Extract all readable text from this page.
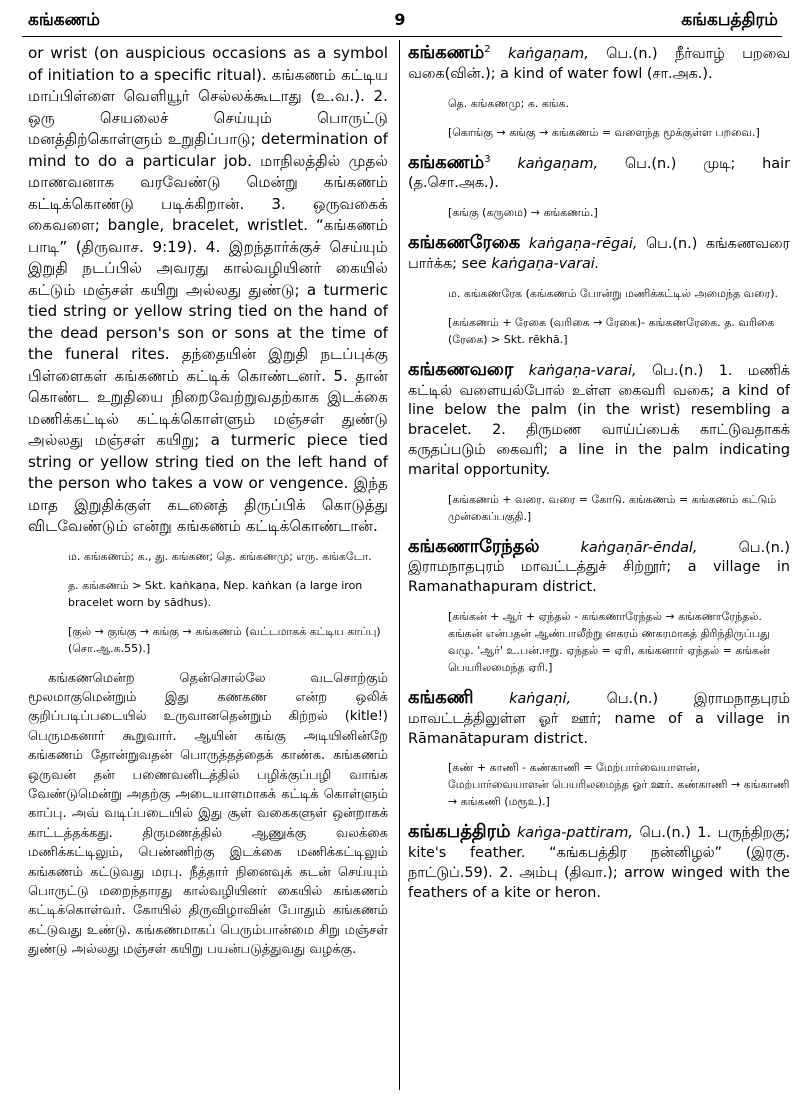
கங்கணம்	9	கங்கபத்திரம்

or wrist (on auspicious occasions as a symbol of initiation to a specific ritual). கங்கணம் கட்டிய மாப்பிள்ளை வெளியூர் செல்லக்கூடாது (உ.வ.). 2. ஒரு செயலைச் செய்யும் பொருட்டு மனத்திற்கொள்ளும் உறுதிப்பாடு; determination of mind to do a particular job. மாநிலத்தில் முதல் மாணவனாக வரவேண்டு மென்று கங்கணம் கட்டிக்கொண்டு படிக்கிறான். 3. ஒருவகைக் கைவளை; bangle, bracelet, wristlet. “கங்கணம் பாடி” (திருவாச. 9:19). 4. இறந்தார்க்குச் செய்யும் இறுதி நடப்பில் அவரது கால்வழியினர் கையில் கட்டும் மஞ்சள் கயிறு அல்லது துண்டு; a turmeric tied string or yellow string tied on the hand of the dead person's son or sons at the time of the funeral rites. தந்தையின் இறுதி நடப்புக்கு பிள்ளைகள் கங்கணம் கட்டிக் கொண்டனர். 5. தான் கொண்ட உறுதியை நிறைவேற்றுவதற்காக இடக்கை மணிக்கட்டில் கட்டிக்கொள்ளும் மஞ்சள் துண்டு அல்லது மஞ்சள் கயிறு; a turmeric piece tied string or yellow string tied on the left hand of the person who takes a vow or vengence. இந்த மாத இறுதிக்குள் கடனைத் திருப்பிக் கொடுத்து விடவேண்டும் என்று கங்கணம் கட்டிக்கொண்டான்.

ம. கங்கணம்; க., து. கங்கண; தெ. கங்கணமு; எரு. கங்கடோ.

த. கங்கணம் > Skt. kaṅkaṇa, Nep. kaṅkan (a large iron bracelet worn by sādhus).

[குல் → குங்கு → கங்கு → கங்கணம் (வட்டமாகக் கட்டிய காப்பு) (சொ.ஆ.க.55).]

கங்கணமென்ற தென்சொல்லே வடசொற்கும் மூலமாகுமென்றும் இது கணகண என்ற ஒலிக் குறிப்படிப்படையில் உருவானதென்றும் கிற்றல் (kitle!) பெருமகனார் கூறுவார். ஆயின் கங்கு அடியினின்றே கங்கணம் தோன்றுவதன் பொருத்தத்தைக் காண்க. கங்கணம் ஒருவன் தன் பணைவனிடத்தில் பழிக்குப்பழி வாங்க வேண்டுமென்று அதற்கு அடையாளமாகக் கட்டிக் கொள்ளும் காப்பு. அவ் வடிப்படையில் இது சூள் வகைகளுள் ஒன்றாகக் காட்டத்தக்கது. திருமணத்தில் ஆணுக்கு வலக்கை மணிக்கட்டிலும், பெண்ணிற்கு இடக்கை மணிக்கட்டிலும் கங்கணம் கட்டுவது மரபு. நீத்தார் நினைவுக் கடன் செய்யும் பொருட்டு மறைந்தாரது கால்வழியினர் கையில் கங்கணம் கட்டிக்கொள்வர். கோயில் திருவிழாவின் போதும் கங்கணம் கட்டுவது உண்டு. கங்கணமாகப் பெரும்பான்மை சிறு மஞ்சள் துண்டு அல்லது மஞ்சள் கயிறு பயன்படுத்துவது வழக்கு.

கங்கணம்$^2$ kaṅgaṇam, பெ.(n.) நீர்வாழ் பறவை வகை(வின்.); a kind of water fowl (சா.அக.).

தெ. கங்கணமு; க. கங்க.

[கொங்கு → கங்கு → கங்கணம் = வளைந்த மூக்குள்ள பறவை.]

கங்கணம்$^3$ kaṅgaṇam, பெ.(n.) முடி; hair (த.சொ.அக.).

[கங்கு (கருமை) → கங்கணம்.]

கங்கணரேகை kaṅgaṇa-rēgai, பெ.(n.) கங்கணவரை பார்க்க; see kaṅgaṇa-varai.

ம. கங்கணரேக (கங்கணம் போன்று மணிக்கட்டில் அமைந்த வரை).

[கங்கணம் + ரேகை (வரிகை → ரேகை)- கங்கணரேகை. த. வரிகை (ரேகை) > Skt. rēkhā.]

கங்கணவரை kaṅgaṇa-varai, பெ.(n.) 1. மணிக் கட்டில் வளையல்போல் உள்ள கைவரி வகை; a kind of line below the palm (in the wrist) resembling a bracelet. 2. திருமண வாய்ப்பைக் காட்டுவதாகக் கருதப்படும் கைவரி; a line in the palm indicating marital opportunity.

[கங்கணம் + வரை. வரை = கோடு. கங்கணம் = கங்கணம் கட்டும் முன்கைப்பகுதி.]

கங்கணாரேந்தல்	kaṅgaṇār-ēndal, பெ.(n.) இராமநாதபுரம் மாவட்டத்துச் சிற்றூர்; a village in Ramanathapuram district.

[கங்கன் + ஆர் + ஏந்தல் - கங்கணாரேந்தல் → கங்கணாரேந்தல். கங்கன் என்பதன் ஆண்பாலீற்று னகரம் ணகரமாகத் திரிந்திருப்பது வழு. 'ஆர்' உ.பன்.ஈறு. ஏந்தல் = ஏரி, கங்கனார் ஏந்தல் = கங்கன் பெயரிலமைந்த ஏரி.]

கங்கணி kaṅgaṇi, பெ.(n.) இராமநாதபுரம் மாவட்டத்திலுள்ள ஓர் ஊர்; name of a village in Rāmanātapuram district.

[கண் + காணி - கண்காணி = மேற்பார்வையாளன், மேற்பார்வையாளன் பெயரிலமைந்த ஓர் ஊர். கண்காணி → கங்காணி → கங்கணி (மரூஉ).]

கங்கபத்திரம் kaṅga-pattiram, பெ.(n.) 1. பருந்திறகு; kite's feather. “கங்கபத்திர நன்னிழல்” (இரகு. நாட்டுப்.59). 2. அம்பு (திவா.); arrow winged with the feathers of a kite or heron.
